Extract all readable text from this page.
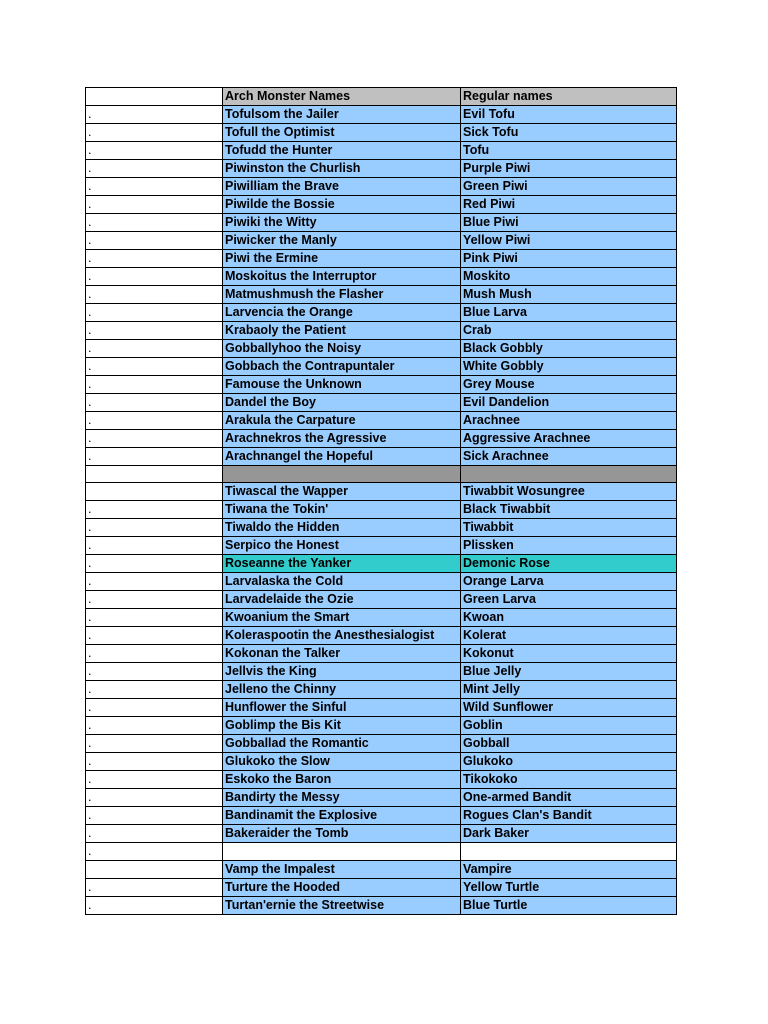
	Arch Monster Names	Regular names
.	Tofulsom the Jailer	Evil Tofu
.	Tofull the Optimist	Sick Tofu
.	Tofudd the Hunter	Tofu
.	Piwinston the Churlish	Purple Piwi
.	Piwilliam the Brave	Green Piwi
.	Piwilde the Bossie	Red Piwi
.	Piwiki the Witty	Blue Piwi
.	Piwicker the Manly	Yellow Piwi
.	Piwi the Ermine	Pink Piwi
.	Moskoitus the Interruptor	Moskito
.	Matmushmush the Flasher	Mush Mush
.	Larvencia the Orange	Blue Larva
.	Krabaoly the Patient	Crab
.	Gobballyhoo the Noisy	Black Gobbly
.	Gobbach the Contrapuntaler	White Gobbly
.	Famouse the Unknown	Grey Mouse
.	Dandel the Boy	Evil Dandelion
.	Arakula the Carpature	Arachnee
.	Arachnekros the Agressive	Aggressive Arachnee
.	Arachnangel the Hopeful	Sick Arachnee

	Tiwascal the Wapper	Tiwabbit Wosungree
.	Tiwana the Tokin'	Black Tiwabbit
.	Tiwaldo the Hidden	Tiwabbit
.	Serpico the Honest	Plissken
.	Roseanne the Yanker	Demonic Rose
.	Larvalaska the Cold	Orange Larva
.	Larvadelaide the Ozie	Green Larva
.	Kwoanium the Smart	Kwoan
.	Koleraspootin the Anesthesialogist	Kolerat
.	Kokonan the Talker	Kokonut
.	Jellvis the King	Blue Jelly
.	Jelleno the Chinny	Mint Jelly
.	Hunflower the Sinful	Wild Sunflower
.	Goblimp the Bis Kit	Goblin
.	Gobballad the Romantic	Gobball
.	Glukoko the Slow	Glukoko
.	Eskoko the Baron	Tikokoko
.	Bandirty the Messy	One-armed Bandit
.	Bandinamit the Explosive	Rogues Clan's Bandit
.	Bakeraider the Tomb	Dark Baker
.		
	Vamp the Impalest	Vampire
.	Turture the Hooded	Yellow Turtle
.	Turtan'ernie the Streetwise	Blue Turtle
